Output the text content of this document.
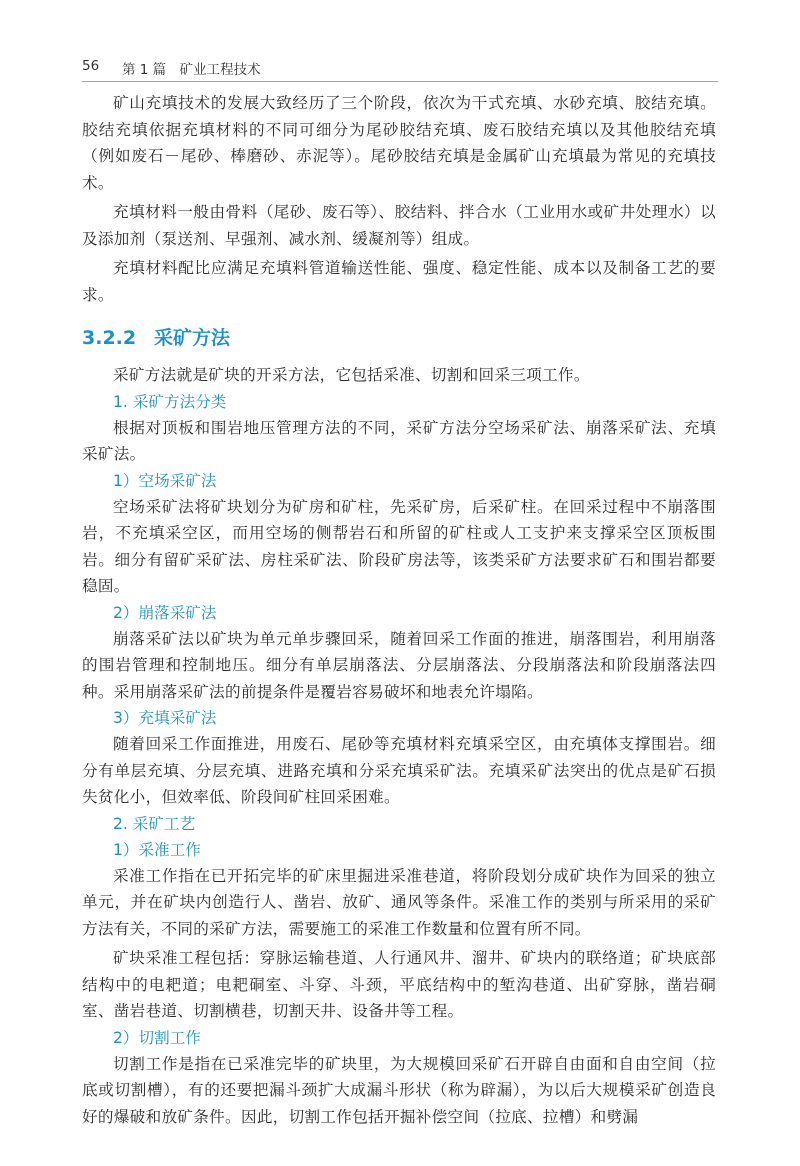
56 第 1 篇　矿业工程技术

矿山充填技术的发展大致经历了三个阶段，依次为干式充填、水砂充填、胶结充填。胶结充填依据充填材料的不同可细分为尾砂胶结充填、废石胶结充填以及其他胶结充填（例如废石－尾砂、棒磨砂、赤泥等）。尾砂胶结充填是金属矿山充填最为常见的充填技术。

充填材料一般由骨料（尾砂、废石等）、胶结料、拌合水（工业用水或矿井处理水）以及添加剂（泵送剂、早强剂、减水剂、缓凝剂等）组成。

充填材料配比应满足充填料管道输送性能、强度、稳定性能、成本以及制备工艺的要求。

3.2.2 采矿方法

采矿方法就是矿块的开采方法，它包括采准、切割和回采三项工作。

1. 采矿方法分类

根据对顶板和围岩地压管理方法的不同，采矿方法分空场采矿法、崩落采矿法、充填采矿法。

1）空场采矿法

空场采矿法将矿块划分为矿房和矿柱，先采矿房，后采矿柱。在回采过程中不崩落围岩，不充填采空区，而用空场的侧帮岩石和所留的矿柱或人工支护来支撑采空区顶板围岩。细分有留矿采矿法、房柱采矿法、阶段矿房法等，该类采矿方法要求矿石和围岩都要稳固。

2）崩落采矿法

崩落采矿法以矿块为单元单步骤回采，随着回采工作面的推进，崩落围岩，利用崩落的围岩管理和控制地压。细分有单层崩落法、分层崩落法、分段崩落法和阶段崩落法四种。采用崩落采矿法的前提条件是覆岩容易破坏和地表允许塌陷。

3）充填采矿法

随着回采工作面推进，用废石、尾砂等充填材料充填采空区，由充填体支撑围岩。细分有单层充填、分层充填、进路充填和分采充填采矿法。充填采矿法突出的优点是矿石损失贫化小，但效率低、阶段间矿柱回采困难。

2. 采矿工艺
1）采准工作

采准工作指在已开拓完毕的矿床里掘进采准巷道，将阶段划分成矿块作为回采的独立单元，并在矿块内创造行人、凿岩、放矿、通风等条件。采准工作的类别与所采用的采矿方法有关，不同的采矿方法，需要施工的采准工作数量和位置有所不同。

矿块采准工程包括：穿脉运输巷道、人行通风井、溜井、矿块内的联络道；矿块底部结构中的电耙道；电耙硐室、斗穿、斗颈，平底结构中的堑沟巷道、出矿穿脉，凿岩硐室、凿岩巷道、切割横巷，切割天井、设备井等工程。

2）切割工作

切割工作是指在已采准完毕的矿块里，为大规模回采矿石开辟自由面和自由空间（拉底或切割槽），有的还要把漏斗颈扩大成漏斗形状（称为辟漏），为以后大规模采矿创造良好的爆破和放矿条件。因此，切割工作包括开掘补偿空间（拉底、拉槽）和劈漏
